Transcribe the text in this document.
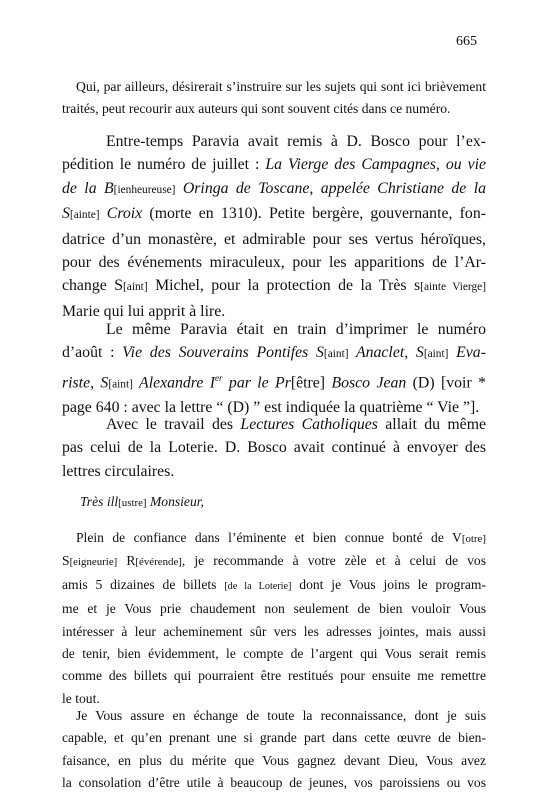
665
Qui, par ailleurs, désirerait s’instruire sur les sujets qui sont ici brièvement
traités, peut recourir aux auteurs qui sont souvent cités dans ce numéro.
Entre-temps Paravia avait remis à D. Bosco pour l’ex-
pédition le numéro de juillet : La Vierge des Campagnes, ou vie
de la B[ienheureuse] Oringa de Toscane, appelée Christiane de la
S[ainte] Croix (morte en 1310). Petite bergère, gouvernante, fon-
datrice d’un monastère, et admirable pour ses vertus héroïques,
pour des événements miraculeux, pour les apparitions de l’Ar-
change S[aint] Michel, pour la protection de la Très s[ainte Vierge]
Marie qui lui apprit à lire.
Le même Paravia était en train d’imprimer le numéro
d’août : Vie des Souverains Pontifes S[aint] Anaclet, S[aint] Eva-
riste, S[aint] Alexandre Ier par le Pr[être] Bosco Jean (D) [voir *
page 640 : avec la lettre “ (D) ” est indiquée la quatrième “ Vie ”].
Avec le travail des Lectures Catholiques allait du même
pas celui de la Loterie. D. Bosco avait continué à envoyer des
lettres circulaires.
Très ill[ustre] Monsieur,
Plein de confiance dans l’éminente et bien connue bonté de V[otre]
S[eigneurie] R[évérende], je recommande à votre zèle et à celui de vos
amis 5 dizaines de billets [de la Loterie] dont je Vous joins le program-
me et je Vous prie chaudement non seulement de bien vouloir Vous
intéresser à leur acheminement sûr vers les adresses jointes, mais aussi
de tenir, bien évidemment, le compte de l’argent qui Vous serait remis
comme des billets qui pourraient être restitués pour ensuite me remettre
le tout.
Je Vous assure en échange de toute la reconnaissance, dont je suis
capable, et qu’en prenant une si grande part dans cette œuvre de bien-
faisance, en plus du mérite que Vous gagnez devant Dieu, Vous avez
la consolation d’être utile à beaucoup de jeunes, vos paroissiens ou vos
